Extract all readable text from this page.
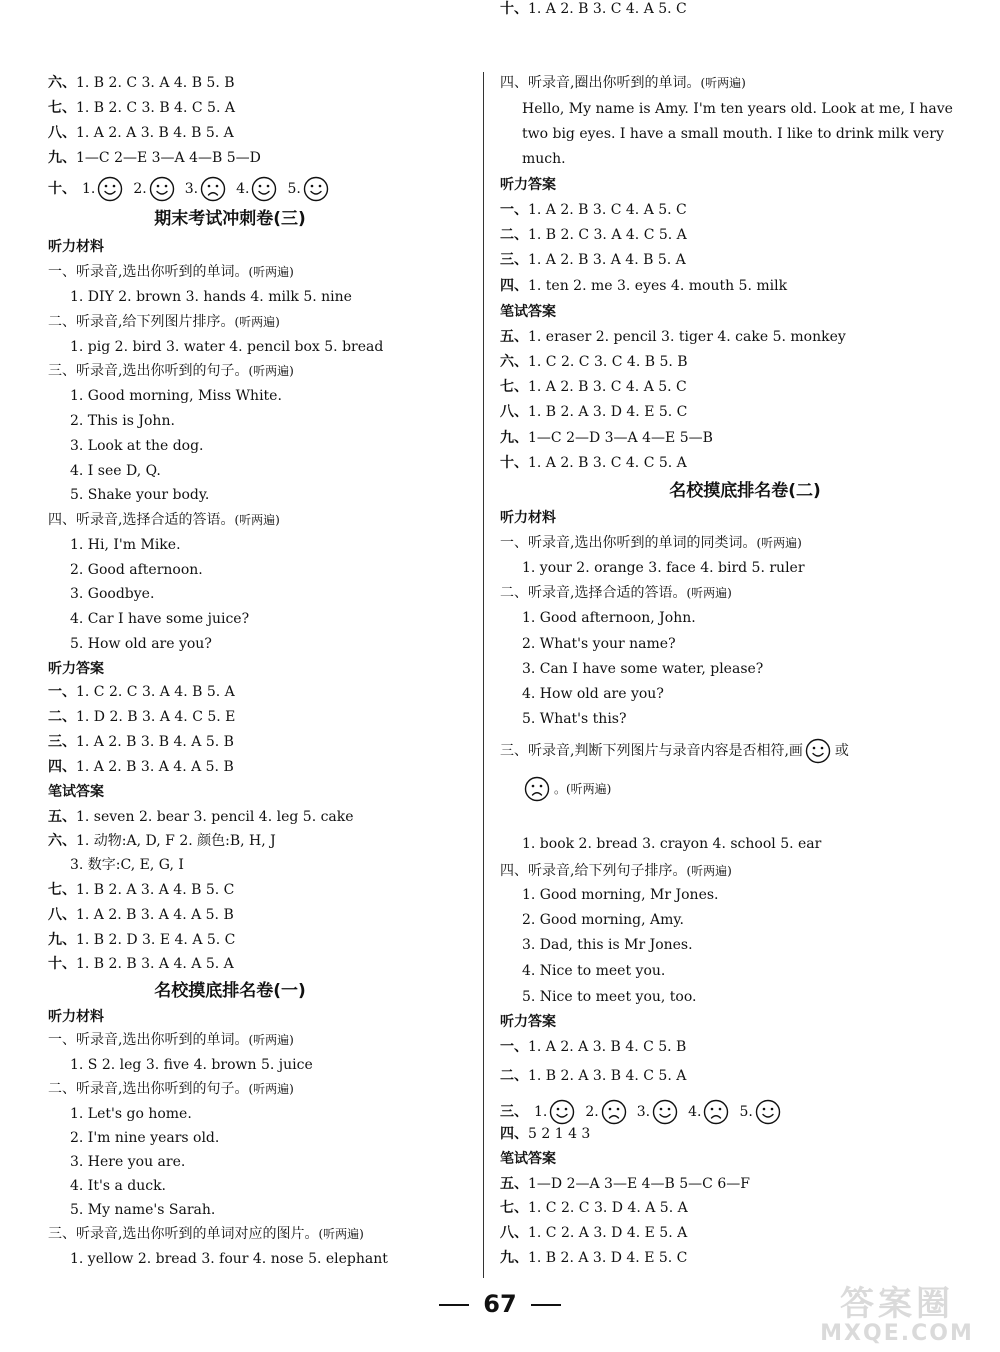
六、1. B 2. C 3. A 4. B 5. B
七、1. B 2. C 3. B 4. C 5. A
八、1. A 2. A 3. B 4. B 5. A
九、1—C 2—E 3—A 4—B 5—D
十、 1.	2.	3.	4.	5.
期末考试冲刺卷(三)
听力材料
一、听录音,选出你听到的单词。(听两遍)
1. DIY 2. brown 3. hands 4. milk 5. nine
二、听录音,给下列图片排序。(听两遍)
1. pig 2. bird 3. water 4. pencil box 5. bread
三、听录音,选出你听到的句子。(听两遍)
1. Good morning, Miss White.
2. This is John.
3. Look at the dog.
4. I see D, Q.
5. Shake your body.
四、听录音,选择合适的答语。(听两遍)
1. Hi, I'm Mike.
2. Good afternoon.
3. Goodbye.
4. Car I have some juice?
5. How old are you?
听力答案
一、1. C 2. C 3. A 4. B 5. A
二、1. D 2. B 3. A 4. C 5. E
三、1. A 2. B 3. B 4. A 5. B
四、1. A 2. B 3. A 4. A 5. B
笔试答案
五、1. seven 2. bear 3. pencil 4. leg 5. cake
六、1. 动物:A, D, F 2. 颜色:B, H, J
3. 数字:C, E, G, I
七、1. B 2. A 3. A 4. B 5. C
八、1. A 2. B 3. A 4. A 5. B
九、1. B 2. D 3. E 4. A 5. C
十、1. B 2. B 3. A 4. A 5. A
名校摸底排名卷(一)
听力材料
一、听录音,选出你听到的单词。(听两遍)
1. S 2. leg 3. five 4. brown 5. juice
二、听录音,选出你听到的句子。(听两遍)
1. Let's go home.
2. I'm nine years old.
3. Here you are.
4. It's a duck.
5. My name's Sarah.
三、听录音,选出你听到的单词对应的图片。(听两遍)
1. yellow 2. bread 3. four 4. nose 5. elephant
四、听录音,圈出你听到的单词。(听两遍)
Hello, My name is Amy. I'm ten years old. Look at me, I have
two big eyes. I have a small mouth. I like to drink milk very
much.
听力答案
一、1. A 2. B 3. C 4. A 5. C
二、1. B 2. C 3. A 4. C 5. A
三、1. A 2. B 3. A 4. B 5. A
四、1. ten 2. me 3. eyes 4. mouth 5. milk
笔试答案
五、1. eraser 2. pencil 3. tiger 4. cake 5. monkey
六、1. C 2. C 3. C 4. B 5. B
七、1. A 2. B 3. C 4. A 5. C
八、1. B 2. A 3. D 4. E 5. C
九、1—C 2—D 3—A 4—E 5—B
十、1. A 2. B 3. C 4. C 5. A
名校摸底排名卷(二)
听力材料
一、听录音,选出你听到的单词的同类词。(听两遍)
1. your 2. orange 3. face 4. bird 5. ruler
二、听录音,选择合适的答语。(听两遍)
1. Good afternoon, John.
2. What's your name?
3. Can I have some water, please?
4. How old are you?
5. What's this?
三、听录音,判断下列图片与录音内容是否相符,画 或
。(听两遍)
1. book 2. bread 3. crayon 4. school 5. ear
四、听录音,给下列句子排序。(听两遍)
1. Good morning, Mr Jones.
2. Good morning, Amy.
3. Dad, this is Mr Jones.
4. Nice to meet you.
5. Nice to meet you, too.
听力答案
一、1. A 2. A 3. B 4. C 5. B
二、1. B 2. A 3. B 4. C 5. A
三、 1.	2.	3.	4.	5.
四、5 2 1 4 3
笔试答案
五、1—D 2—A 3—E 4—B 5—C 6—F
七、1. C 2. C 3. D 4. A 5. A
八、1. C 2. A 3. D 4. E 5. A
九、1. B 2. A 3. D 4. E 5. C
十、1. A 2. B 3. C 4. A 5. C
67	答案圈
MXQE.COM
